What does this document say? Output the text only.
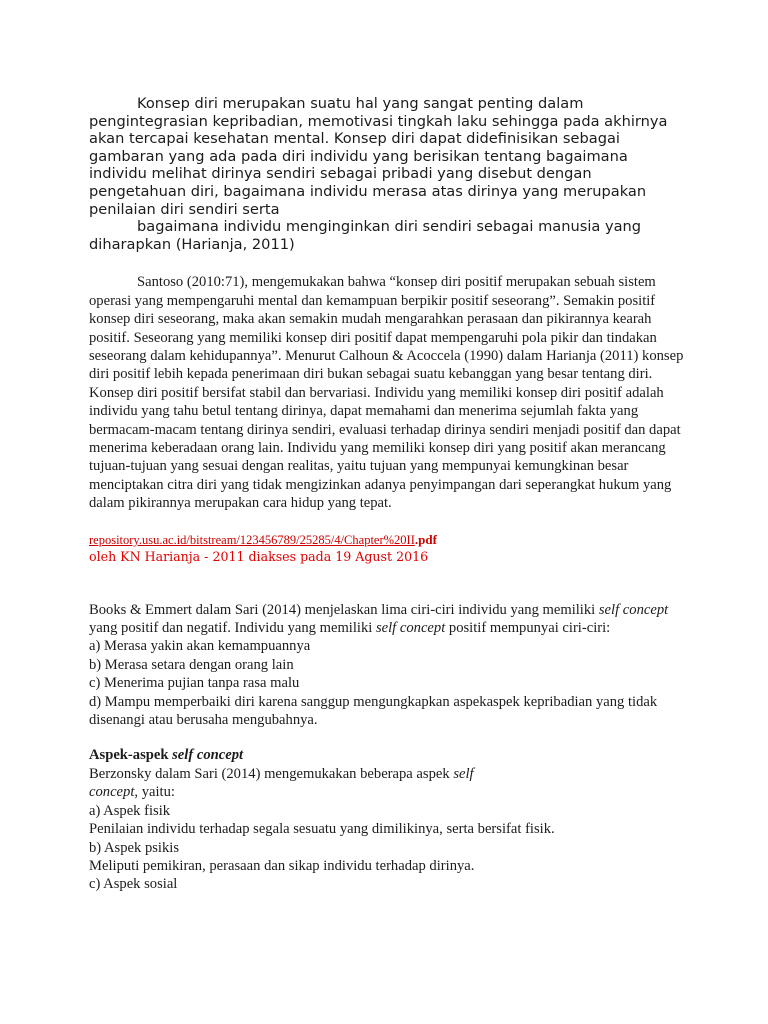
Konsep diri merupakan suatu hal yang sangat penting dalam pengintegrasian kepribadian, memotivasi tingkah laku sehingga pada akhirnya akan tercapai kesehatan mental. Konsep diri dapat didefinisikan sebagai gambaran yang ada pada diri individu yang berisikan tentang bagaimana individu melihat dirinya sendiri sebagai pribadi yang disebut dengan pengetahuan diri, bagaimana individu merasa atas dirinya yang merupakan penilaian diri sendiri serta
bagaimana individu menginginkan diri sendiri sebagai manusia yang diharapkan (Harianja, 2011)

Santoso (2010:71), mengemukakan bahwa “konsep diri positif merupakan sebuah sistem operasi yang mempengaruhi mental dan kemampuan berpikir positif seseorang”. Semakin positif konsep diri seseorang, maka akan semakin mudah mengarahkan perasaan dan pikirannya kearah positif. Seseorang yang memiliki konsep diri positif dapat mempengaruhi pola pikir dan tindakan seseorang dalam kehidupannya”. Menurut Calhoun & Acoccela (1990) dalam Harianja (2011) konsep diri positif lebih kepada penerimaan diri bukan sebagai suatu kebanggan yang besar tentang diri. Konsep diri positif bersifat stabil dan bervariasi. Individu yang memiliki konsep diri positif adalah individu yang tahu betul tentang dirinya, dapat memahami dan menerima sejumlah fakta yang bermacam-macam tentang dirinya sendiri, evaluasi terhadap dirinya sendiri menjadi positif dan dapat menerima keberadaan orang lain. Individu yang memiliki konsep diri yang positif akan merancang tujuan-tujuan yang sesuai dengan realitas, yaitu tujuan yang mempunyai kemungkinan besar menciptakan citra diri yang tidak mengizinkan adanya penyimpangan dari seperangkat hukum yang dalam pikirannya merupakan cara hidup yang tepat.

repository.usu.ac.id/bitstream/123456789/25285/4/Chapter%20II.pdf
oleh KN Harianja - 2011 diakses pada 19 Agust 2016

Books & Emmert dalam Sari (2014) menjelaskan lima ciri-ciri individu yang memiliki self concept yang positif dan negatif. Individu yang memiliki self concept positif mempunyai ciri-ciri:

a) Merasa yakin akan kemampuannya
b) Merasa setara dengan orang lain
c) Menerima pujian tanpa rasa malu
d) Mampu memperbaiki diri karena sanggup mengungkapkan aspekaspek kepribadian yang tidak disenangi atau berusaha mengubahnya.
Aspek-aspek self concept
Berzonsky dalam Sari (2014) mengemukakan beberapa aspek self
concept, yaitu:
a) Aspek fisik
Penilaian individu terhadap segala sesuatu yang dimilikinya, serta bersifat fisik.
b) Aspek psikis
Meliputi pemikiran, perasaan dan sikap individu terhadap dirinya.
c) Aspek sosial
